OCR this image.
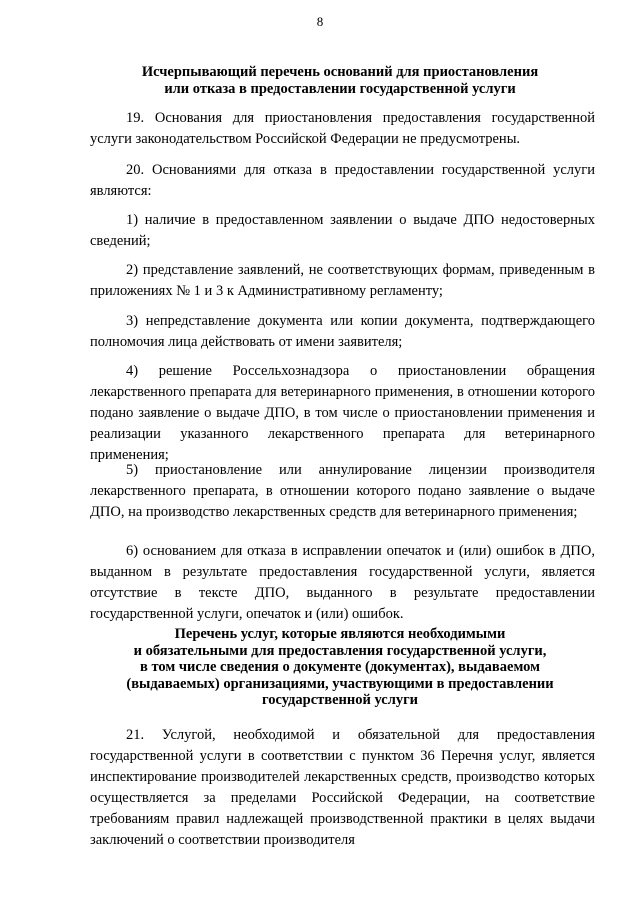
8
Исчерпывающий перечень оснований для приостановления
или отказа в предоставлении государственной услуги

19. Основания для приостановления предоставления государственной услуги законодательством Российской Федерации не предусмотрены.

20. Основаниями для отказа в предоставлении государственной услуги являются:

1) наличие в предоставленном заявлении о выдаче ДПО недостоверных сведений;

2) представление заявлений, не соответствующих формам, приведенным в приложениях № 1 и 3 к Административному регламенту;

3) непредставление документа или копии документа, подтверждающего полномочия лица действовать от имени заявителя;

4) решение Россельхознадзора о приостановлении обращения лекарственного препарата для ветеринарного применения, в отношении которого подано заявление о выдаче ДПО, в том числе о приостановлении применения и реализации указанного лекарственного препарата для ветеринарного применения;

5) приостановление или аннулирование лицензии производителя лекарственного препарата, в отношении которого подано заявление о выдаче ДПО, на производство лекарственных средств для ветеринарного применения;

6) основанием для отказа в исправлении опечаток и (или) ошибок в ДПО, выданном в результате предоставления государственной услуги, является отсутствие в тексте ДПО, выданного в результате предоставлении государственной услуги, опечаток и (или) ошибок.

Перечень услуг, которые являются необходимыми
и обязательными для предоставления государственной услуги,
в том числе сведения о документе (документах), выдаваемом
(выдаваемых) организациями, участвующими в предоставлении
государственной услуги

21. Услугой, необходимой и обязательной для предоставления государственной услуги в соответствии с пунктом 36 Перечня услуг, является инспектирование производителей лекарственных средств, производство которых осуществляется за пределами Российской Федерации, на соответствие требованиям правил надлежащей производственной практики в целях выдачи заключений о соответствии производителя
